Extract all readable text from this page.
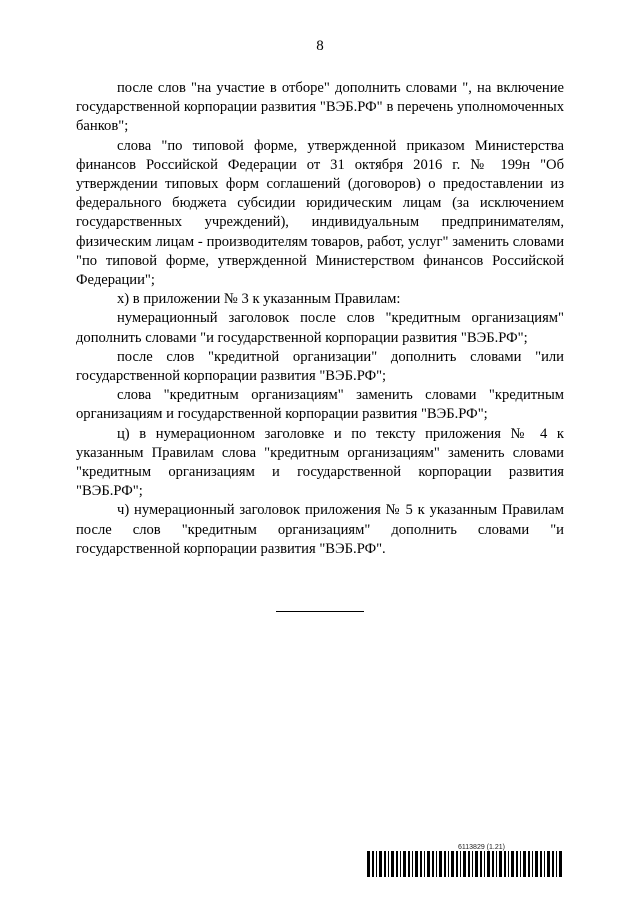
8

после слов "на участие в отборе" дополнить словами ", на включение государственной корпорации развития "ВЭБ.РФ" в перечень уполномоченных банков";

слова "по типовой форме, утвержденной приказом Министерства финансов Российской Федерации от 31 октября 2016 г. № 199н "Об утверждении типовых форм соглашений (договоров) о предоставлении из федерального бюджета субсидии юридическим лицам (за исключением государственных учреждений), индивидуальным предпринимателям, физическим лицам - производителям товаров, работ, услуг" заменить словами "по типовой форме, утвержденной Министерством финансов Российской Федерации";

х) в приложении № 3 к указанным Правилам:

нумерационный заголовок после слов "кредитным организациям" дополнить словами "и государственной корпорации развития "ВЭБ.РФ";

после слов "кредитной организации" дополнить словами "или государственной корпорации развития "ВЭБ.РФ";

слова "кредитным организациям" заменить словами "кредитным организациям и государственной корпорации развития "ВЭБ.РФ";

ц) в нумерационном заголовке и по тексту приложения № 4 к указанным Правилам слова "кредитным организациям" заменить словами "кредитным организациям и государственной корпорации развития "ВЭБ.РФ";

ч) нумерационный заголовок приложения № 5 к указанным Правилам после слов "кредитным организациям" дополнить словами "и государственной корпорации развития "ВЭБ.РФ".

6113829 (1.21)
